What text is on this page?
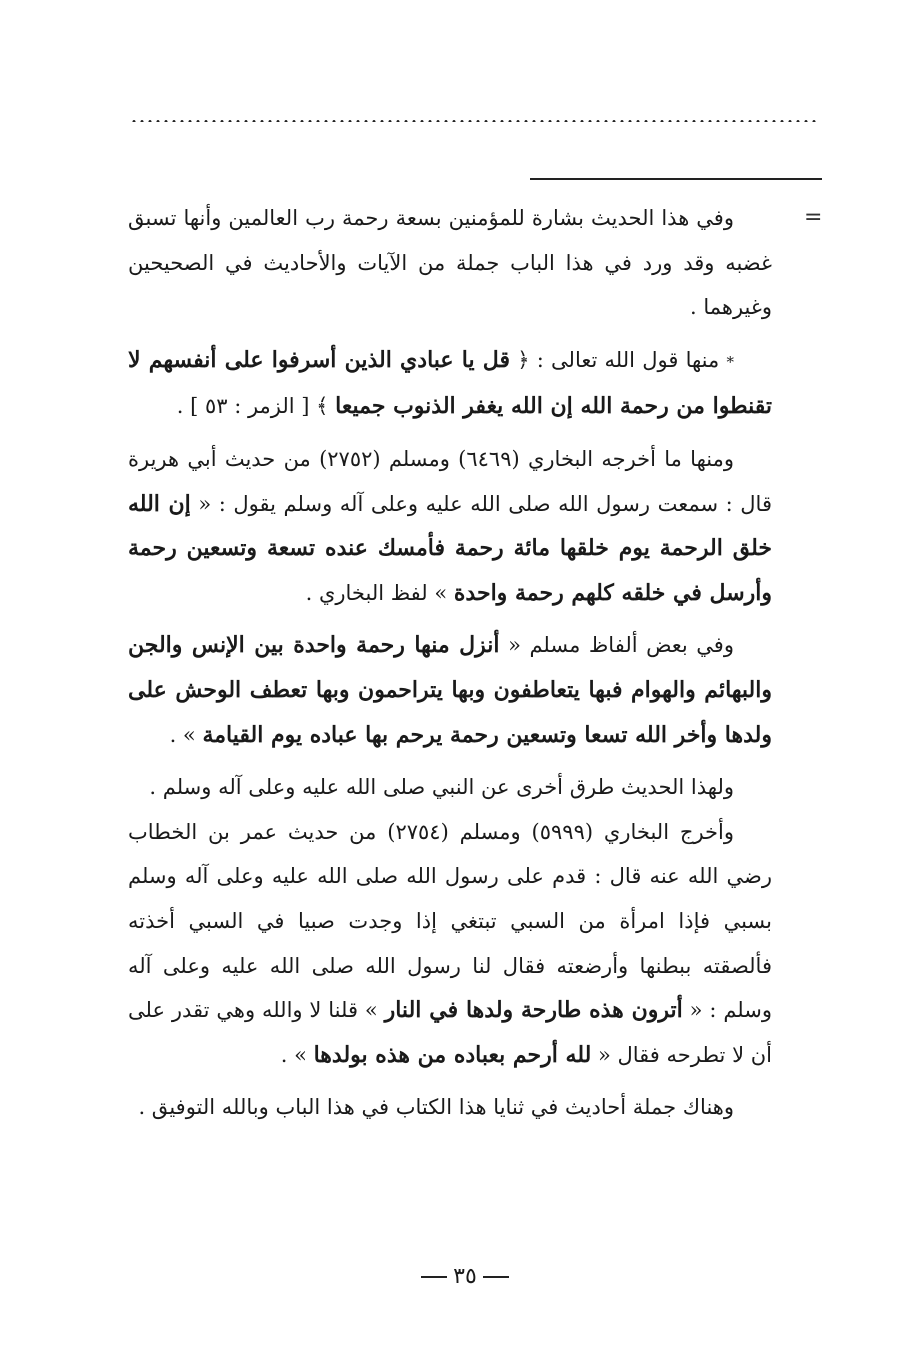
=

وفي هذا الحديث بشارة للمؤمنين بسعة رحمة رب العالمين وأنها تسبق غضبه وقد ورد في هذا الباب جملة من الآيات والأحاديث في الصحيحين وغيرهما .

* منها قول الله تعالى : ﴿ قل يا عبادي الذين أسرفوا على أنفسهم لا تقنطوا من رحمة الله إن الله يغفر الذنوب جميعا ﴾ [ الزمر : ٥٣ ] .

ومنها ما أخرجه البخاري (٦٤٦٩) ومسلم (٢٧٥٢) من حديث أبي هريرة قال : سمعت رسول الله صلى الله عليه وعلى آله وسلم يقول : « إن الله خلق الرحمة يوم خلقها مائة رحمة فأمسك عنده تسعة وتسعين رحمة وأرسل في خلقه كلهم رحمة واحدة » لفظ البخاري .

وفي بعض ألفاظ مسلم « أنزل منها رحمة واحدة بين الإنس والجن والبهائم والهوام فبها يتعاطفون وبها يتراحمون وبها تعطف الوحش على ولدها وأخر الله تسعا وتسعين رحمة يرحم بها عباده يوم القيامة » .

ولهذا الحديث طرق أخرى عن النبي صلى الله عليه وعلى آله وسلم .

وأخرج البخاري (٥٩٩٩) ومسلم (٢٧٥٤) من حديث عمر بن الخطاب رضي الله عنه قال : قدم على رسول الله صلى الله عليه وعلى آله وسلم بسبي فإذا امرأة من السبي تبتغي إذا وجدت صبيا في السبي أخذته فألصقته ببطنها وأرضعته فقال لنا رسول الله صلى الله عليه وعلى آله وسلم : « أترون هذه طارحة ولدها في النار » قلنا لا والله وهي تقدر على أن لا تطرحه فقال « لله أرحم بعباده من هذه بولدها » .

وهناك جملة أحاديث في ثنايا هذا الكتاب في هذا الباب وبالله التوفيق .

٣٥
